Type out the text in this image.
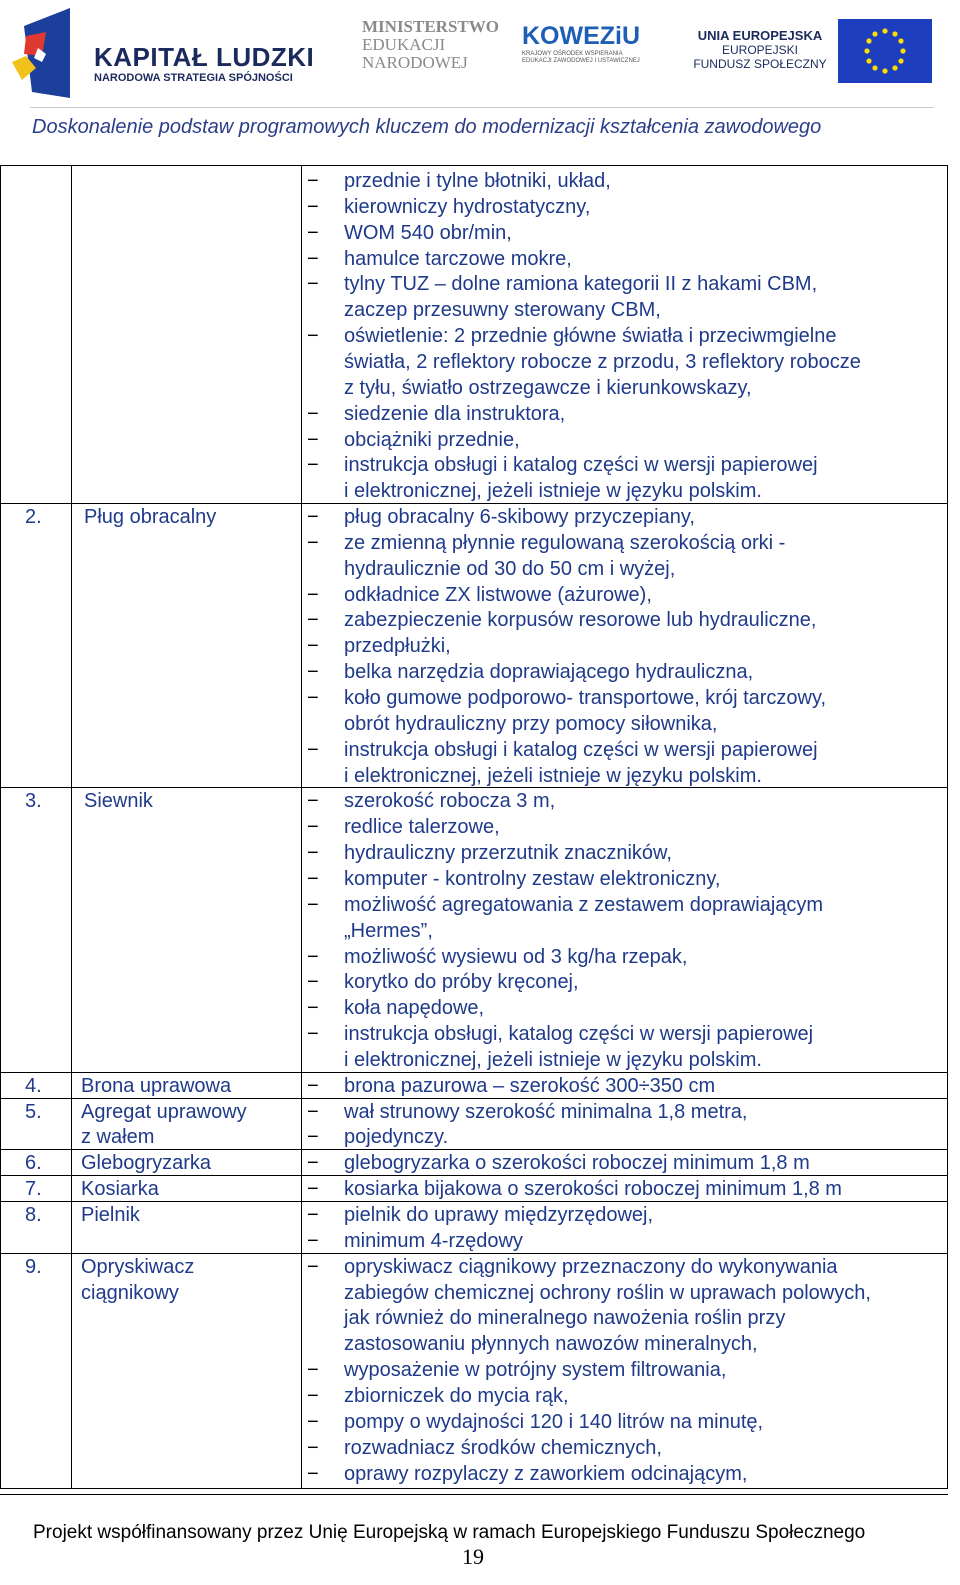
KAPITAŁ LUDZKI
NARODOWA STRATEGIA SPÓJNOŚCI
MINISTERSTWO
EDUKACJI
NARODOWEJ
KOWEZiU
KRAJOWY OŚRODEK WSPIERANIA
EDUKACJI ZAWODOWEJ I USTAWICZNEJ
UNIA EUROPEJSKA
EUROPEJSKI
FUNDUSZ SPOŁECZNY
Doskonalenie podstaw programowych kluczem do modernizacji kształcenia zawodowego
− przednie i tylne błotniki, układ,
− kierowniczy hydrostatyczny,
− WOM 540 obr/min,
− hamulce tarczowe mokre,
− tylny TUZ – dolne ramiona kategorii II z hakami CBM,
zaczep przesuwny sterowany CBM,
− oświetlenie: 2 przednie główne światła i przeciwmgielne
światła, 2 reflektory robocze z przodu, 3 reflektory robocze
z tyłu, światło ostrzegawcze i kierunkowskazy,
− siedzenie dla instruktora,
− obciążniki przednie,
− instrukcja obsługi i katalog części w wersji papierowej
i elektronicznej, jeżeli istnieje w języku polskim.
2. Pług obracalny	− pług obracalny 6-skibowy przyczepiany,
− ze zmienną płynnie regulowaną szerokością orki -
hydraulicznie od 30 do 50 cm i wyżej,
− odkładnice ZX listwowe (ażurowe),
− zabezpieczenie korpusów resorowe lub hydrauliczne,
− przedpłużki,
− belka narzędzia doprawiającego hydrauliczna,
− koło gumowe podporowo- transportowe, krój tarczowy,
obrót hydrauliczny przy pomocy siłownika,
− instrukcja obsługi i katalog części w wersji papierowej
i elektronicznej, jeżeli istnieje w języku polskim.
3. Siewnik	− szerokość robocza 3 m,
− redlice talerzowe,
− hydrauliczny przerzutnik znaczników,
− komputer - kontrolny zestaw elektroniczny,
− możliwość agregatowania z zestawem doprawiającym
„Hermes”,
− możliwość wysiewu od 3 kg/ha rzepak,
− korytko do próby kręconej,
− koła napędowe,
− instrukcja obsługi, katalog części w wersji papierowej
i elektronicznej, jeżeli istnieje w języku polskim.
4. Brona uprawowa	− brona pazurowa – szerokość 300÷350 cm
5. Agregat uprawowy
z wałem
− wał strunowy szerokość minimalna 1,8 metra,
− pojedynczy.
6. Glebogryzarka	− glebogryzarka o szerokości roboczej minimum 1,8 m
7. Kosiarka	− kosiarka bijakowa o szerokości roboczej minimum 1,8 m
8. Pielnik	− pielnik do uprawy międzyrzędowej,
− minimum 4-rzędowy
9. Opryskiwacz
ciągnikowy
− opryskiwacz ciągnikowy przeznaczony do wykonywania
zabiegów chemicznej ochrony roślin w uprawach polowych,
jak również do mineralnego nawożenia roślin przy
zastosowaniu płynnych nawozów mineralnych,
− wyposażenie w potrójny system filtrowania,
− zbiorniczek do mycia rąk,
− pompy o wydajności 120 i 140 litrów na minutę,
− rozwadniacz środków chemicznych,
− oprawy rozpylaczy z zaworkiem odcinającym,
Projekt współfinansowany przez Unię Europejską w ramach Europejskiego Funduszu Społecznego
19
